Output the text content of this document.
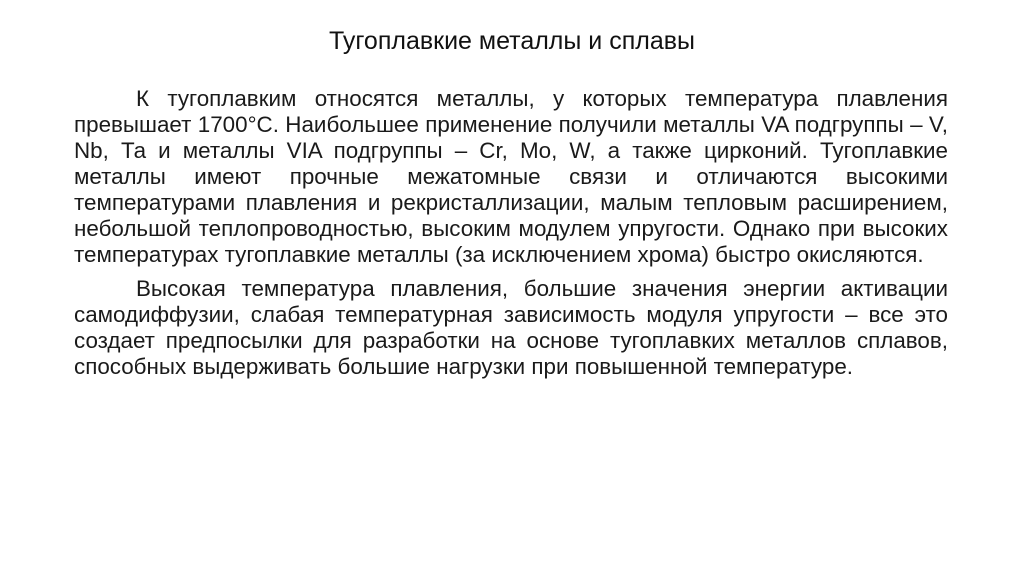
Тугоплавкие металлы и сплавы

К тугоплавким относятся металлы, у которых температура плавления превышает 1700°С. Наибольшее применение получили металлы VA подгруппы – V, Nb, Та и металлы VIA подгруппы – Cr, Mo, W, а также цирконий. Тугоплавкие металлы имеют прочные межатомные связи и отличаются высокими температурами плавления и рекристаллизации, малым тепловым расширением, небольшой теплопроводностью, высоким модулем упругости. Однако при высоких температурах тугоплавкие металлы (за исключением хрома) быстро окисляются.

Высокая температура плавления, большие значения энергии активации самодиффузии, слабая температурная зависимость модуля упругости – все это создает предпосылки для разработки на основе тугоплавких металлов сплавов, способных выдерживать большие нагрузки при повышенной температуре.
